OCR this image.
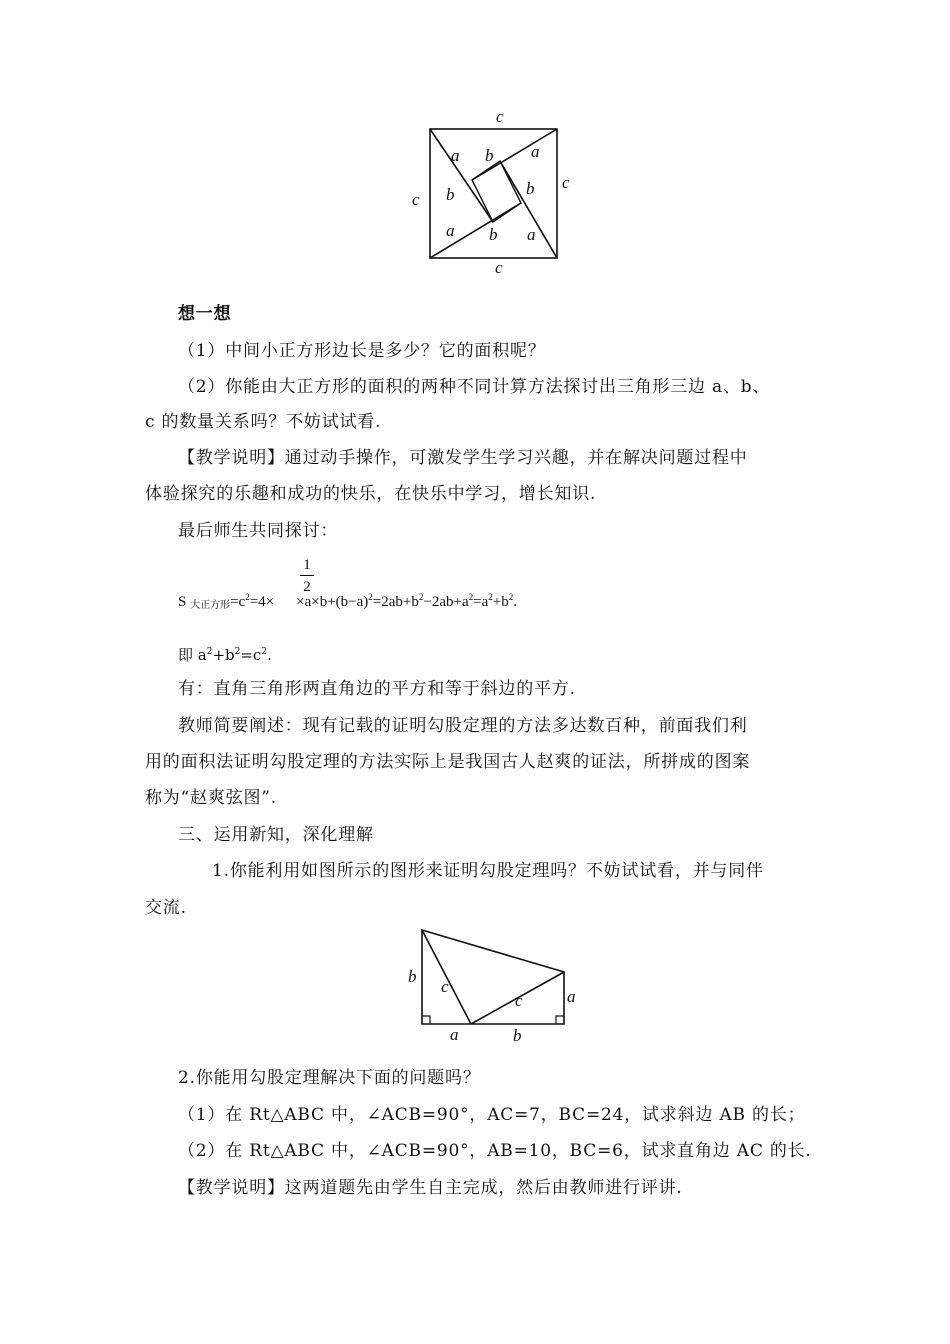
c
c
c
c
a b a
b	b
a b a
想一想
（1）中间小正方形边长是多少？它的面积呢？
（2）你能由大正方形的面积的两种不同计算方法探讨出三角形三边 a、b、
c 的数量关系吗？不妨试试看.
【教学说明】通过动手操作，可激发学生学习兴趣，并在解决问题过程中
体验探究的乐趣和成功的快乐，在快乐中学习，增长知识.
最后师生共同探讨：
$\frac{1}{2}$
S $_{大正方形}=c^2=4\times \times a\times b+(b-a)^2=2ab+b^2-2ab+a^2=a^2+b^2$.
即 $a^2+b^2=c^2$.
有：直角三角形两直角边的平方和等于斜边的平方.
教师简要阐述：现有记载的证明勾股定理的方法多达数百种，前面我们利
用的面积法证明勾股定理的方法实际上是我国古人赵爽的证法，所拼成的图案
称为“赵爽弦图”.
三、运用新知，深化理解
1.你能利用如图所示的图形来证明勾股定理吗？不妨试试看，并与同伴
交流.
b
c
c	a
a	b
2.你能用勾股定理解决下面的问题吗？
（1）在 Rt△ABC 中，∠ACB=90°，AC=7，BC=24，试求斜边 AB 的长；
（2）在 Rt△ABC 中，∠ACB=90°，AB=10，BC=6，试求直角边 AC 的长.
【教学说明】这两道题先由学生自主完成，然后由教师进行评讲.
